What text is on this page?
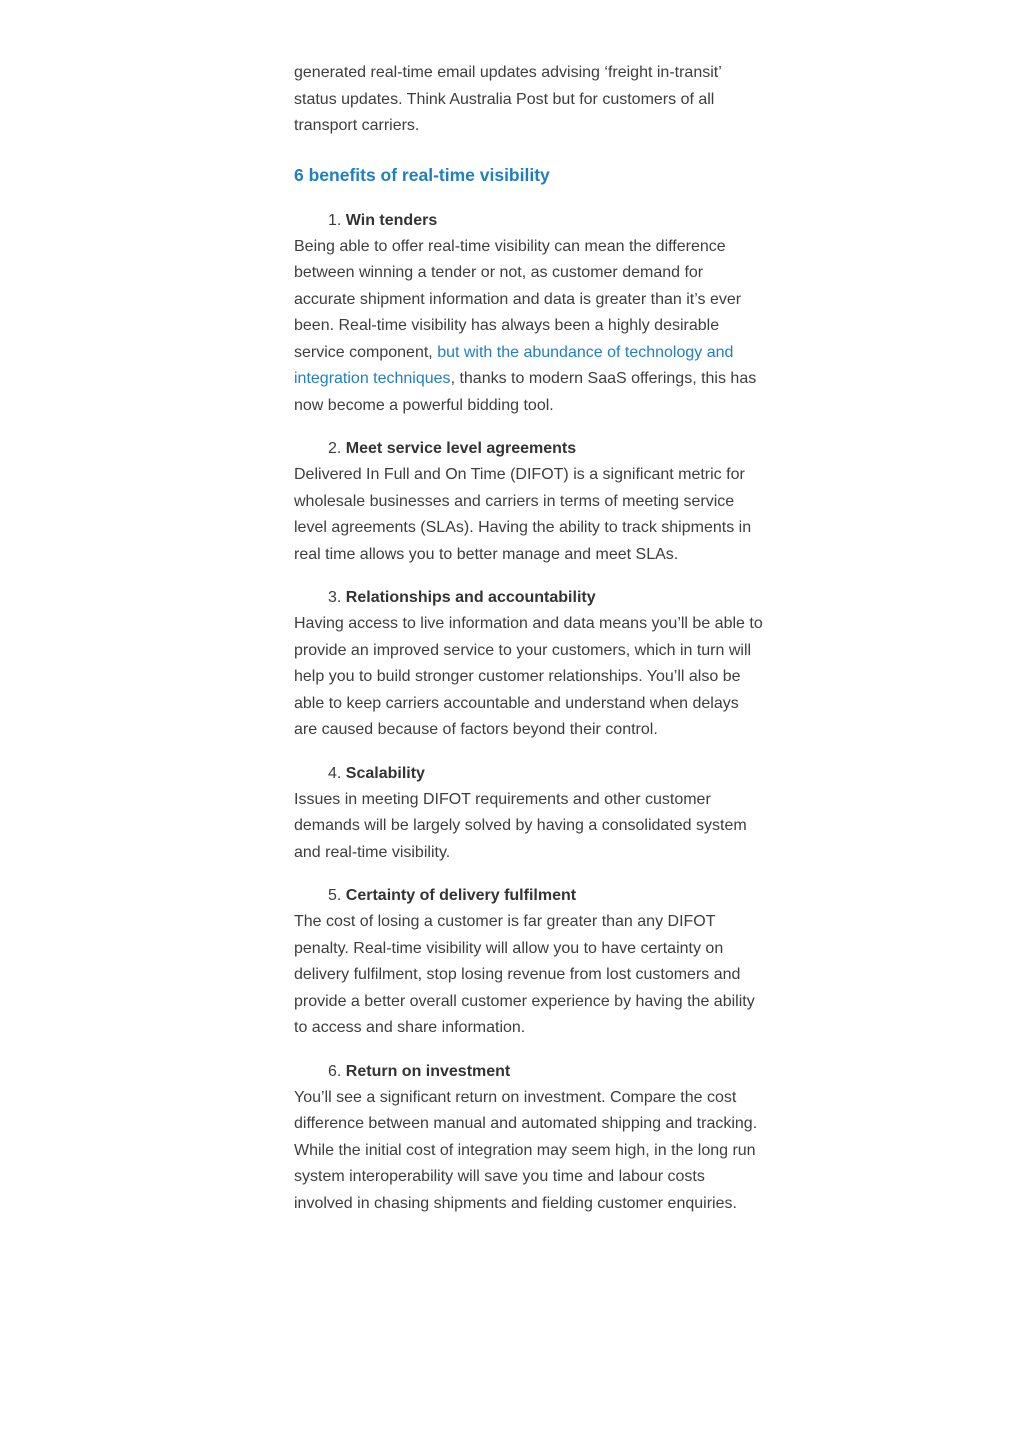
generated real-time email updates advising ‘freight in-transit’ status updates. Think Australia Post but for customers of all transport carriers.

6 benefits of real-time visibility
1. Win tenders

Being able to offer real-time visibility can mean the difference between winning a tender or not, as customer demand for accurate shipment information and data is greater than it’s ever been. Real-time visibility has always been a highly desirable service component, but with the abundance of technology and integration techniques, thanks to modern SaaS offerings, this has now become a powerful bidding tool.

2. Meet service level agreements

Delivered In Full and On Time (DIFOT) is a significant metric for wholesale businesses and carriers in terms of meeting service level agreements (SLAs). Having the ability to track shipments in real time allows you to better manage and meet SLAs.

3. Relationships and accountability

Having access to live information and data means you’ll be able to provide an improved service to your customers, which in turn will help you to build stronger customer relationships. You’ll also be able to keep carriers accountable and understand when delays are caused because of factors beyond their control.

4. Scalability

Issues in meeting DIFOT requirements and other customer demands will be largely solved by having a consolidated system and real-time visibility.

5. Certainty of delivery fulfilment

The cost of losing a customer is far greater than any DIFOT penalty. Real-time visibility will allow you to have certainty on delivery fulfilment, stop losing revenue from lost customers and provide a better overall customer experience by having the ability to access and share information.

6. Return on investment

You’ll see a significant return on investment. Compare the cost difference between manual and automated shipping and tracking. While the initial cost of integration may seem high, in the long run system interoperability will save you time and labour costs involved in chasing shipments and fielding customer enquiries.
